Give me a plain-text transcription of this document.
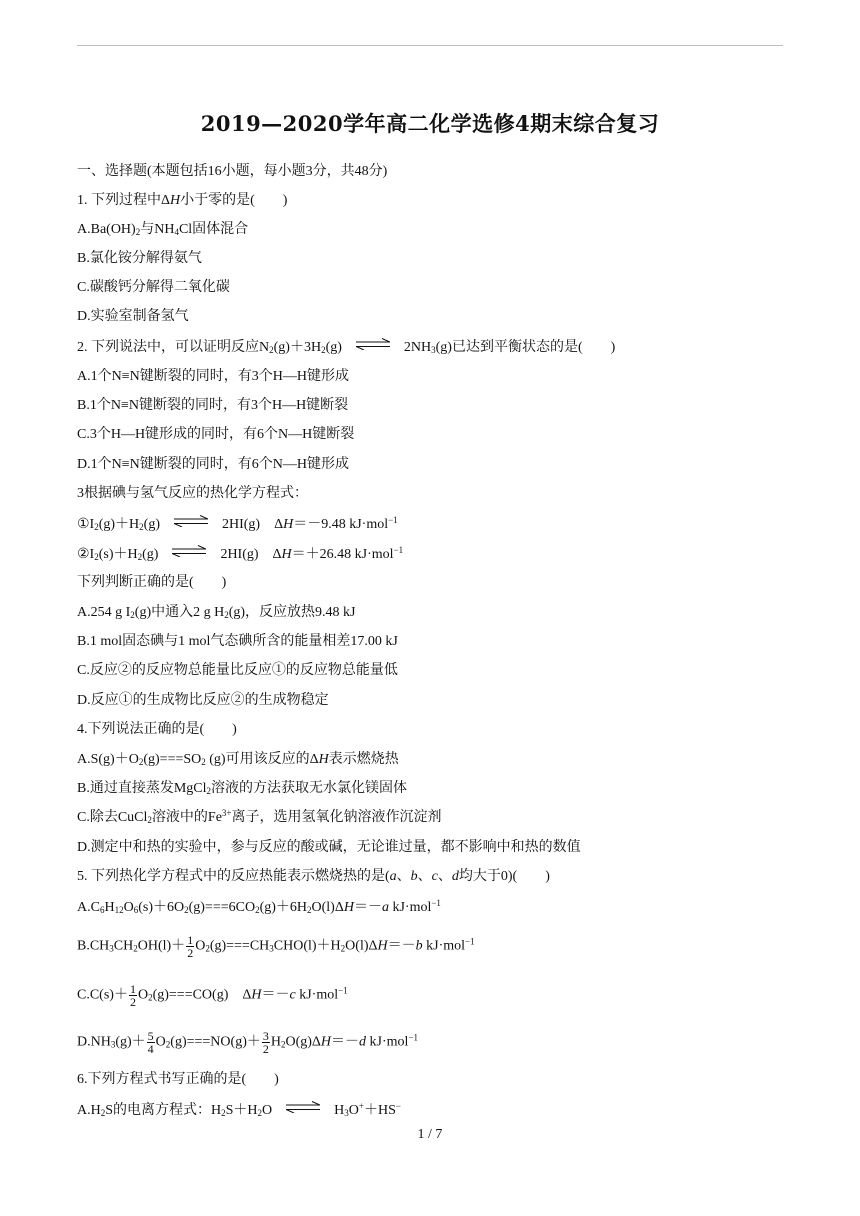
2019—2020学年高二化学选修4期末综合复习
一、选择题(本题包括16小题，每小题3分，共48分)
1. 下列过程中ΔH小于零的是(　　)
$A.Ba(OH)_2$与$NH_4Cl$固体混合
B.氯化铵分解得氨气
C.碳酸钙分解得二氧化碳
D.实验室制备氢气
2. 下列说法中，可以证明反应$N_2(g)+3H_2(g)$	$2NH_3(g)$已达到平衡状态的是(　　)
A.1个N≡N键断裂的同时，有3个H—H键形成
B.1个N≡N键断裂的同时，有3个H—H键断裂
C.3个H—H键形成的同时，有6个N—H键断裂
D.1个N≡N键断裂的同时，有6个N—H键形成
3根据碘与氢气反应的热化学方程式：
$①I_2(g)+H_2(g)$	2HI(g)　ΔH＝－9.48 kJ·mol$^{-1}$
$②I_2(s)+H_2(g)$	2HI(g)　ΔH＝＋26.48 kJ·mol$^{-1}$
下列判断正确的是(　　)
A.254 g $I_2(g)$中通入2 g $H_2(g)$，反应放热9.48 kJ
B.1 mol固态碘与1 mol气态碘所含的能量相差17.00 kJ
C.反应②的反应物总能量比反应①的反应物总能量低
D.反应①的生成物比反应②的生成物稳定
4.下列说法正确的是(　　)
$A.S(g)+O_2(g)===SO_2$ (g)可用该反应的ΔH表示燃烧热
B.通过直接蒸发MgCl$_2$溶液的方法获取无水氯化镁固体
C.除去CuCl$_2$溶液中的$Fe^{3+}$离子，选用氢氧化钠溶液作沉淀剂
D.测定中和热的实验中，参与反应的酸或碱，无论谁过量，都不影响中和热的数值
5. 下列热化学方程式中的反应热能表示燃烧热的是(a、b、c、d均大于0)(　　)
$A.C_6H_{12}O_6(s)+6O_2(g)===6CO_2(g)+6H_2O(l)\Delta H=-a$ kJ·mol$^{-1}$
$B.CH_3CH_2OH(l)+ \frac{1}{2} O_2(g)===CH_3CHO(l)+H_2O(l)\Delta H=-b$ kJ·mol$^{-1}$
$C.C(s)+ \frac{1}{2} O_2(g)===CO(g)$　ΔH＝－c kJ·mol$^{-1}$
$D.NH_3(g)+ \frac{5}{4} O_2(g)===NO(g)+ \frac{3}{2} H_2O(g)\Delta H=-d$ kJ·mol$^{-1}$
6.下列方程式书写正确的是(　　)
$A.H_2S$的电离方程式：$H_2S+H_2O$	$H_3O^++HS^-$
1 / 7
